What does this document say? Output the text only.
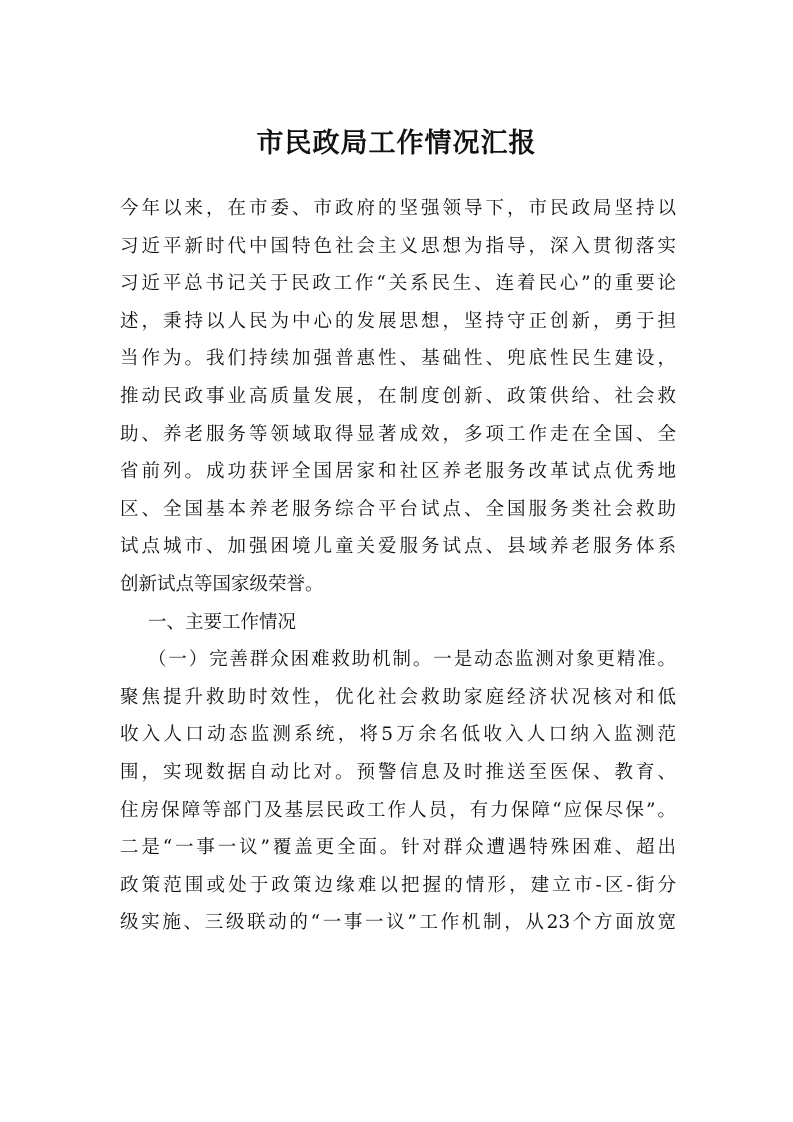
市民政局工作情况汇报
今年以来，在市委、市政府的坚强领导下，市民政局坚持以
习近平新时代中国特色社会主义思想为指导，深入贯彻落实
习近平总书记关于民政工作“关系民生、连着民心”的重要论
述，秉持以人民为中心的发展思想，坚持守正创新，勇于担
当作为。我们持续加强普惠性、基础性、兜底性民生建设，
推动民政事业高质量发展，在制度创新、政策供给、社会救
助、养老服务等领域取得显著成效，多项工作走在全国、全
省前列。成功获评全国居家和社区养老服务改革试点优秀地
区、全国基本养老服务综合平台试点、全国服务类社会救助
试点城市、加强困境儿童关爱服务试点、县域养老服务体系
创新试点等国家级荣誉。
一、主要工作情况
（一）完善群众困难救助机制。一是动态监测对象更精准。
聚焦提升救助时效性，优化社会救助家庭经济状况核对和低
收入人口动态监测系统，将5万余名低收入人口纳入监测范
围，实现数据自动比对。预警信息及时推送至医保、教育、
住房保障等部门及基层民政工作人员，有力保障“应保尽保”。
二是“一事一议”覆盖更全面。针对群众遭遇特殊困难、超出
政策范围或处于政策边缘难以把握的情形，建立市-区-街分
级实施、三级联动的“一事一议”工作机制，从23个方面放宽
